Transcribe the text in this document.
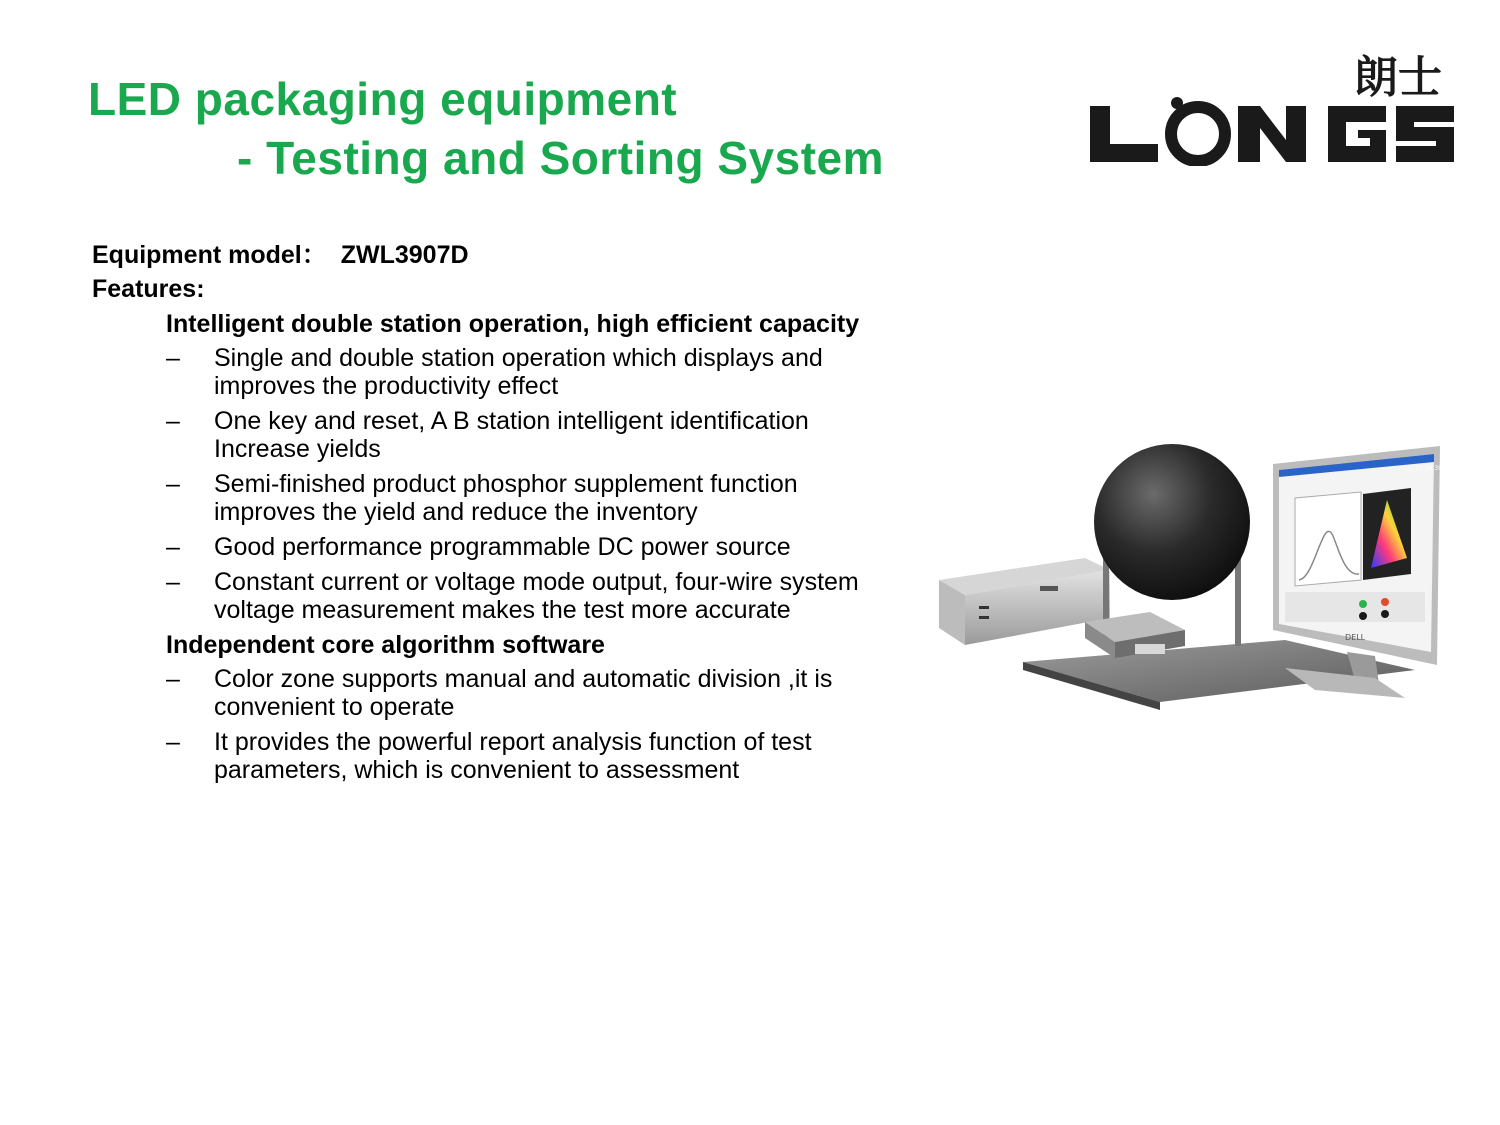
LED packaging equipment
- Testing and Sorting System
朗士
Equipment model： ZWL3907D
Features:
Intelligent double station operation, high efficient capacity
– Single and double station operation which displays and improves the productivity effect
– One key and reset, A B station intelligent identification Increase yields
– Semi-finished product phosphor supplement function improves the yield and reduce the inventory
– Good performance programmable DC power source
– Constant current or voltage mode output, four-wire system voltage measurement makes the test more accurate
Independent core algorithm software
– Color zone supports manual and automatic division ,it is convenient to operate
– It provides the powerful report analysis function of test parameters, which is convenient to assessment
11:38:39
DELL
